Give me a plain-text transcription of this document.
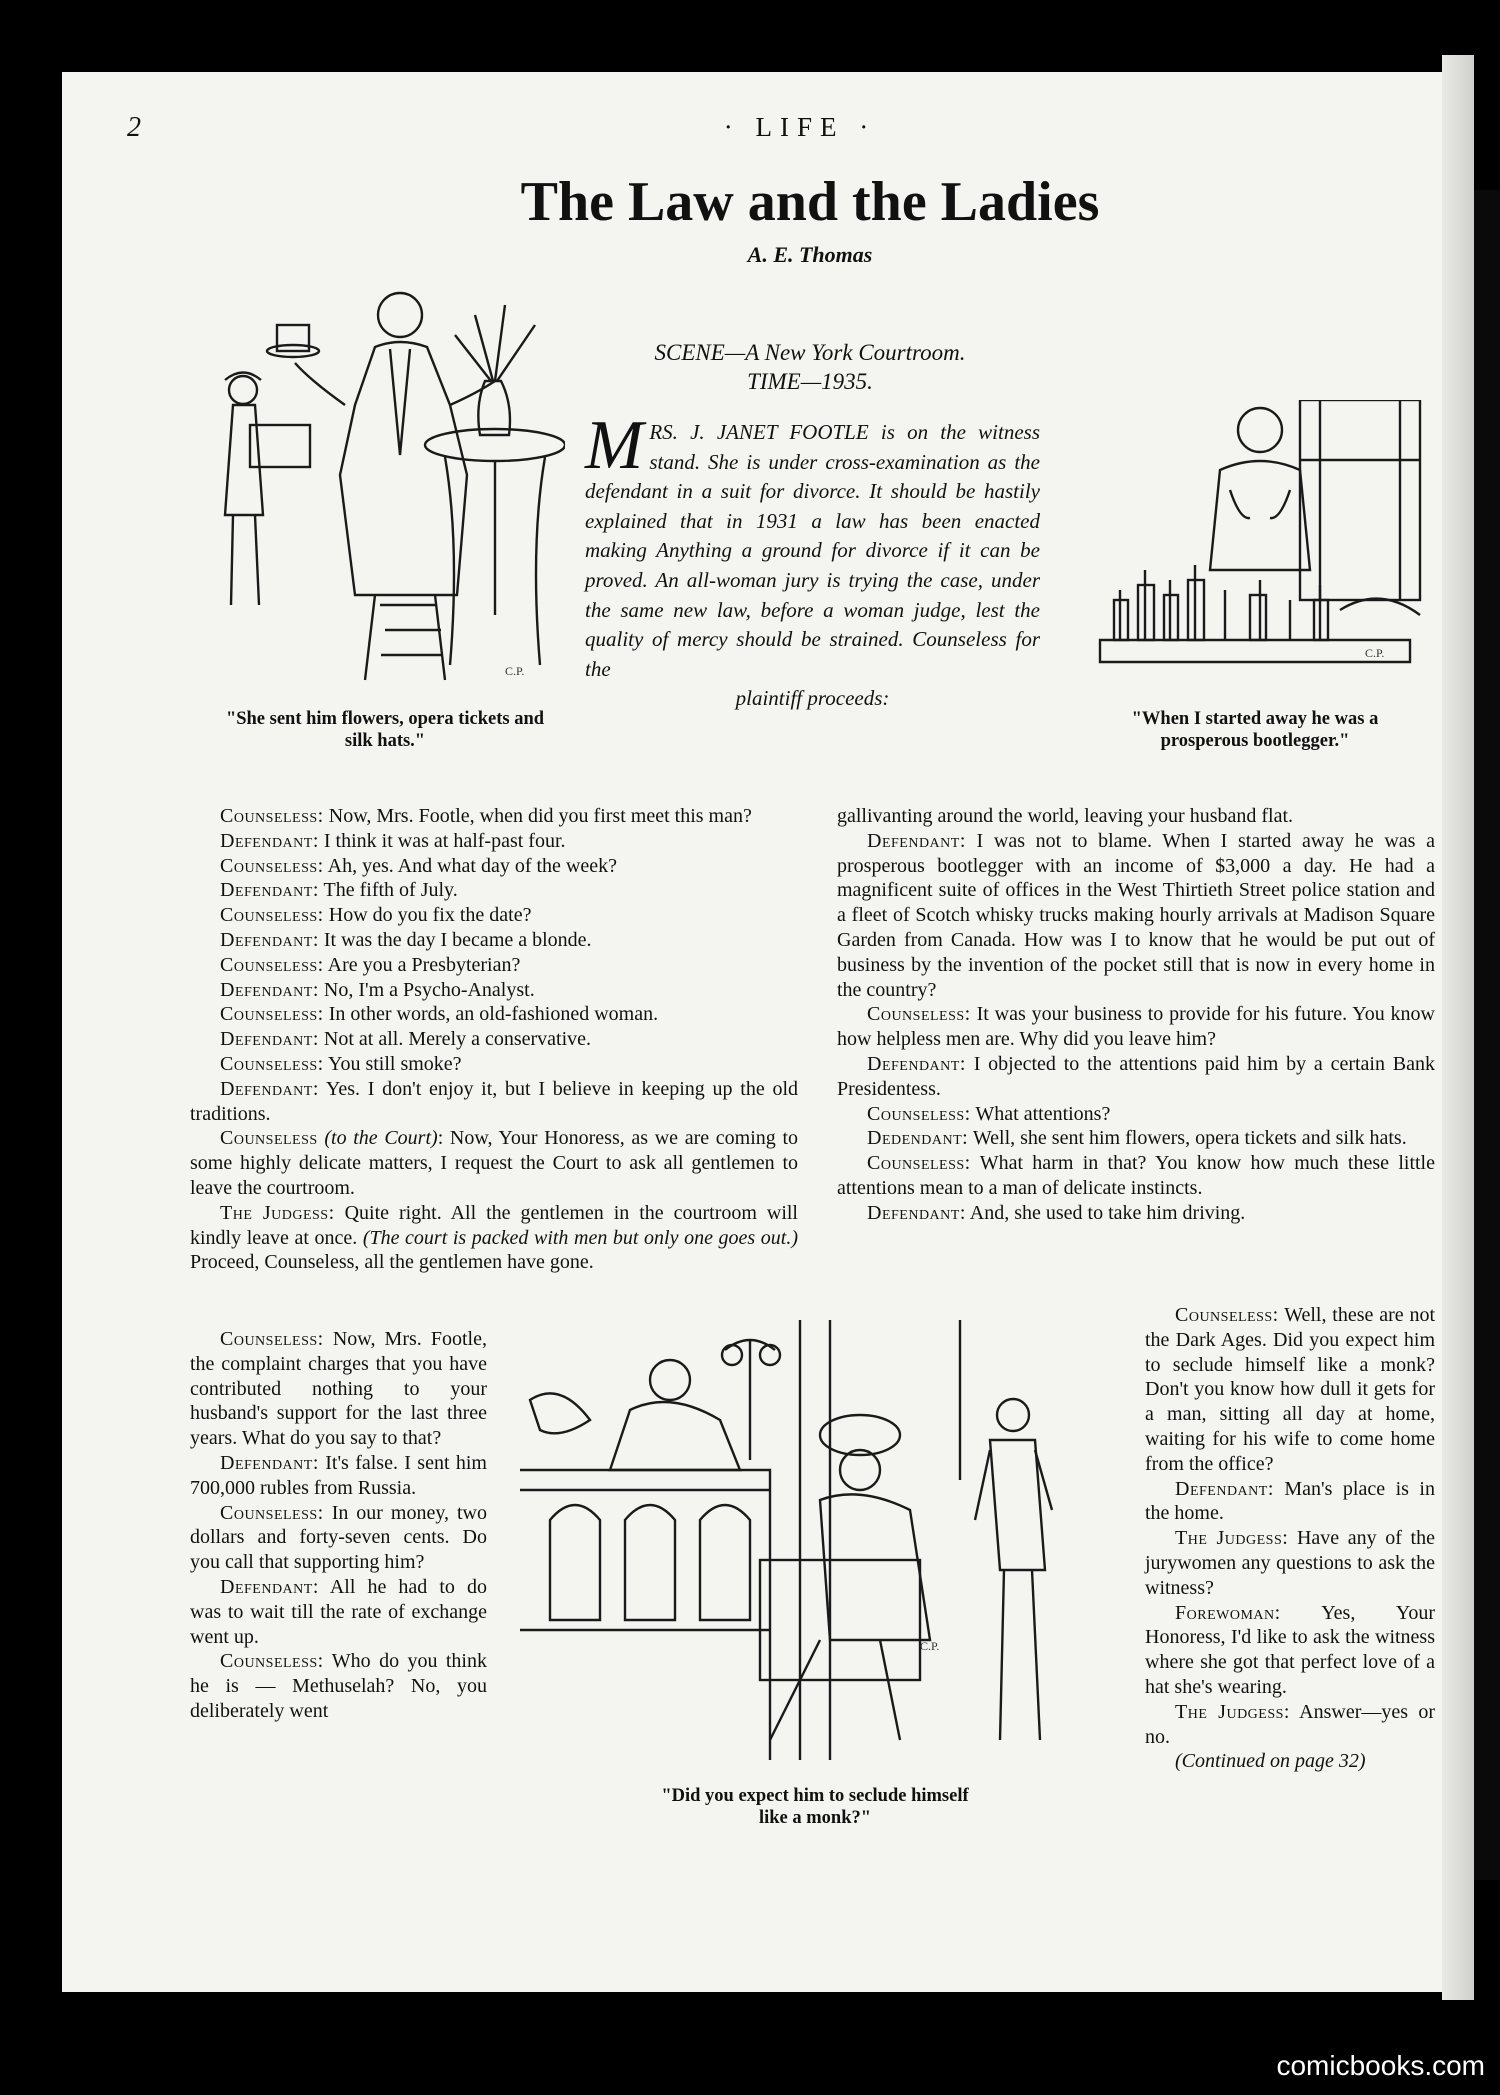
2	· LIFE ·
The Law and the Ladies
A. E. Thomas
SCENE—A New York Courtroom.
TIME—1935.
M RS. J. JANET FOOTLE is on the witness stand. She is under cross-examination as the defendant in a suit for divorce. It should be hastily explained that in 1931 a law has been enacted making Anything a ground for divorce if it can be proved. An all-woman jury is trying the case, under the same new law, before a woman judge, lest the quality of mercy should be strained. Counseless for the
plaintiff proceeds:
C.P.
C.P.
C.P.
"She sent him flowers, opera tickets and silk hats."
"When I started away he was a prosperous bootlegger."
"Did you expect him to seclude himself like a monk?"

Counseless: Now, Mrs. Footle, when did you first meet this man?

Defendant: I think it was at half-past four.

Counseless: Ah, yes. And what day of the week?

Defendant: The fifth of July.

Counseless: How do you fix the date?

Defendant: It was the day I became a blonde.

Counseless: Are you a Presbyterian?

Defendant: No, I'm a Psycho-Analyst.

Counseless: In other words, an old-fashioned woman.

Defendant: Not at all. Merely a conservative.

Counseless: You still smoke?

Defendant: Yes. I don't enjoy it, but I believe in keeping up the old traditions.

Counseless (to the Court): Now, Your Honoress, as we are coming to some highly delicate matters, I request the Court to ask all gentlemen to leave the courtroom.

The Judgess: Quite right. All the gentlemen in the courtroom will kindly leave at once. (The court is packed with men but only one goes out.) Proceed, Counseless, all the gentlemen have gone.

Counseless: Now, Mrs. Footle, the complaint charges that you have contributed nothing to your husband's support for the last three years. What do you say to that?

Defendant: It's false. I sent him 700,000 rubles from Russia.

Counseless: In our money, two dollars and forty-seven cents. Do you call that supporting him?

Defendant: All he had to do was to wait till the rate of exchange went up.

Counseless: Who do you think he is — Methuselah? No, you deliberately went

gallivanting around the world, leaving your husband flat.

Defendant: I was not to blame. When I started away he was a prosperous bootlegger with an income of $3,000 a day. He had a magnificent suite of offices in the West Thirtieth Street police station and a fleet of Scotch whisky trucks making hourly arrivals at Madison Square Garden from Canada. How was I to know that he would be put out of business by the invention of the pocket still that is now in every home in the country?

Counseless: It was your business to provide for his future. You know how helpless men are. Why did you leave him?

Defendant: I objected to the attentions paid him by a certain Bank Presidentess.

Counseless: What attentions?

Dedendant: Well, she sent him flowers, opera tickets and silk hats.

Counseless: What harm in that? You know how much these little attentions mean to a man of delicate instincts.

Defendant: And, she used to take him driving.

Counseless: Well, these are not the Dark Ages. Did you expect him to seclude himself like a monk? Don't you know how dull it gets for a man, sitting all day at home, waiting for his wife to come home from the office?

Defendant: Man's place is in the home.

The Judgess: Have any of the jurywomen any questions to ask the witness?

Forewoman: Yes, Your Honoress, I'd like to ask the witness where she got that perfect love of a hat she's wearing.

The Judgess: Answer—yes or no.

(Continued on page 32)

comicbooks.com
